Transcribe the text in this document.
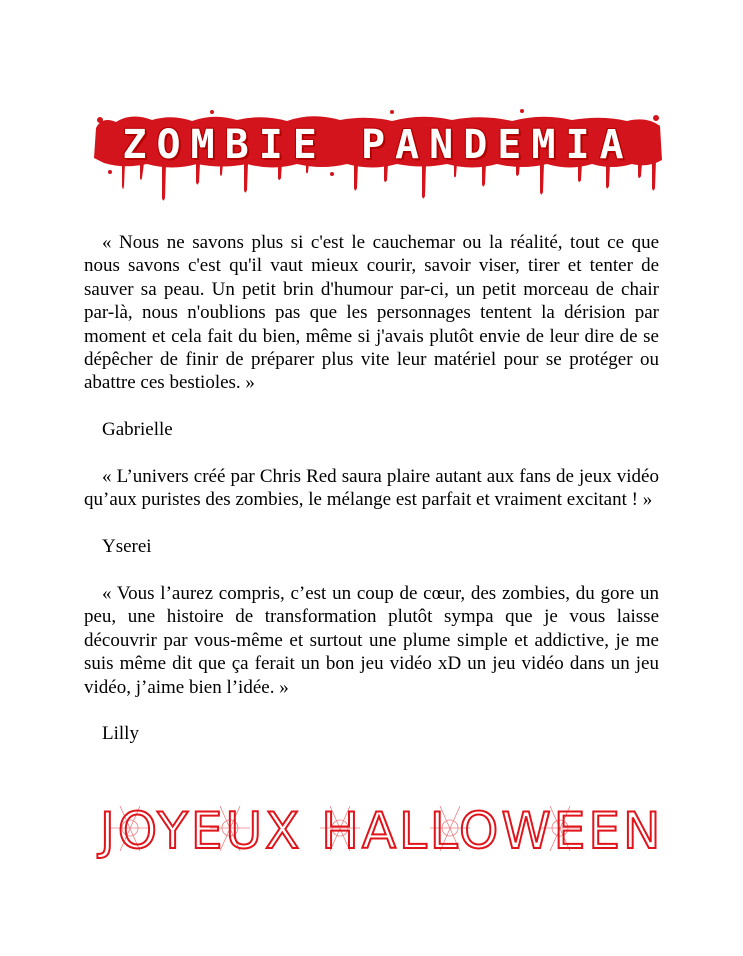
ZOMBIE PANDEMIA

« Nous ne savons plus si c'est le cauchemar ou la réalité, tout ce que nous savons c'est qu'il vaut mieux courir, savoir viser, tirer et tenter de sauver sa peau. Un petit brin d'humour par-ci, un petit morceau de chair par-là, nous n'oublions pas que les personnages tentent la dérision par moment et cela fait du bien, même si j'avais plutôt envie de leur dire de se dépêcher de finir de préparer plus vite leur matériel pour se protéger ou abattre ces bestioles. »

Gabrielle

« L’univers créé par Chris Red saura plaire autant aux fans de jeux vidéo qu’aux puristes des zombies, le mélange est parfait et vraiment excitant ! »

Yserei

« Vous l’aurez compris, c’est un coup de cœur, des zombies, du gore un peu, une histoire de transformation plutôt sympa que je vous laisse découvrir par vous-même et surtout une plume simple et addictive, je me suis même dit que ça ferait un bon jeu vidéo xD un jeu vidéo dans un jeu vidéo, j’aime bien l’idée. »

Lilly

JOYEUX HALLOWEEN
